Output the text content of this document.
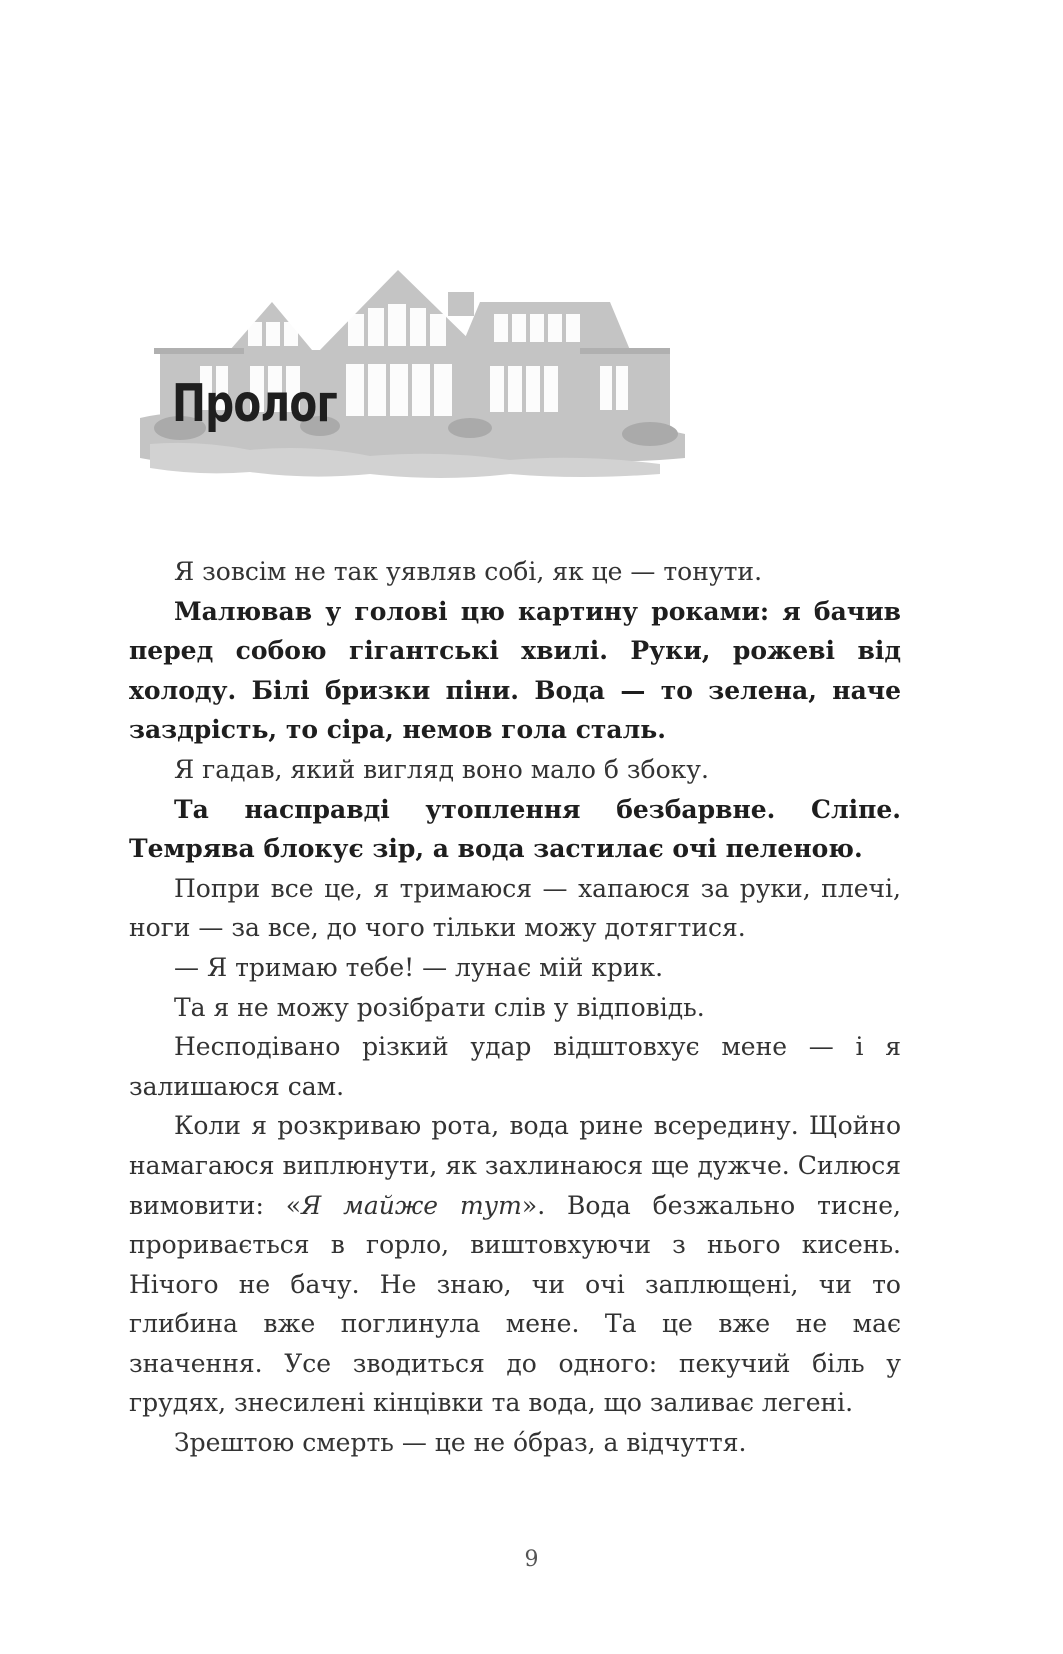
Пролог

Я зовсім не так уявляв собі, як це — тонути.

Малював у голові цю картину роками: я бачив перед собою гігантські хвилі. Руки, рожеві від холоду. Білі бризки піни. Вода — то зелена, наче заздрість, то сіра, немов гола сталь.

Я гадав, який вигляд воно мало б збоку.

Та насправді утоплення безбарвне. Сліпе. Темрява блокує зір, а вода застилає очі пеленою.

Попри все це, я тримаюся — хапаюся за руки, плечі, ноги — за все, до чого тільки можу дотягтися.

— Я тримаю тебе! — лунає мій крик.

Та я не можу розібрати слів у відповідь.

Несподівано різкий удар відштовхує мене — і я залишаюся сам.

Коли я розкриваю рота, вода рине всередину. Щойно намагаюся виплюнути, як захлинаюся ще дужче. Силюся вимовити: «Я майже тут». Вода безжально тисне, проривається в горло, виштовхуючи з нього кисень. Нічого не бачу. Не знаю, чи очі заплющені, чи то глибина вже поглинула мене. Та це вже не має значення. Усе зводиться до одного: пекучий біль у грудях, знесилені кінцівки та вода, що заливає легені.

Зрештою смерть — це не óбраз, а відчуття.

9
